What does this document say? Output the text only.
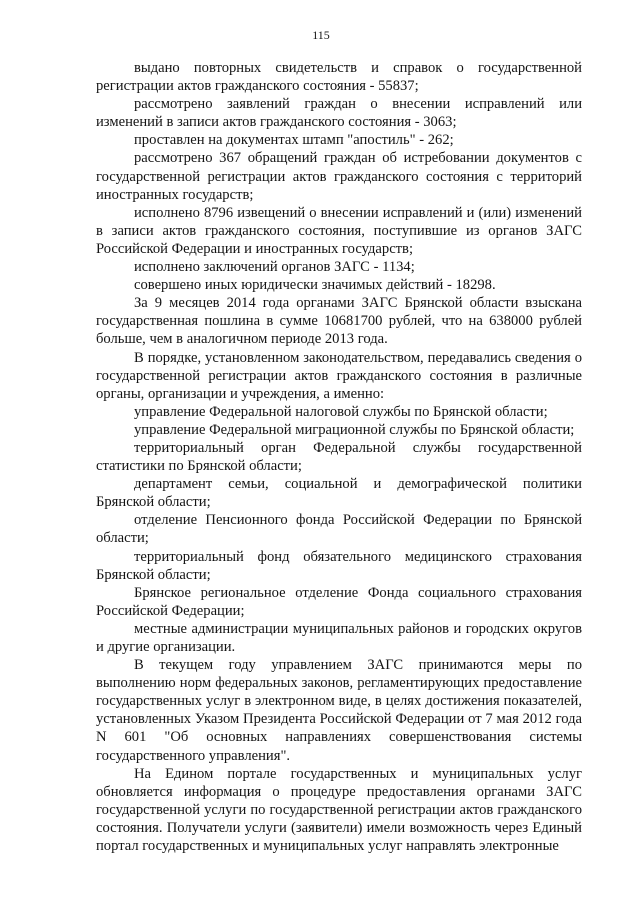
115

выдано повторных свидетельств и справок о государственной регистрации актов гражданского состояния - 55837;

рассмотрено заявлений граждан о внесении исправлений или изменений в записи актов гражданского состояния - 3063;

проставлен на документах штамп "апостиль" - 262;

рассмотрено 367 обращений граждан об истребовании документов с государственной регистрации актов гражданского состояния с территорий иностранных государств;

исполнено 8796 извещений о внесении исправлений и (или) изменений в записи актов гражданского состояния, поступившие из органов ЗАГС Российской Федерации и иностранных государств;

исполнено заключений органов ЗАГС - 1134;

совершено иных юридически значимых действий - 18298.

За 9 месяцев 2014 года органами ЗАГС Брянской области взыскана государственная пошлина в сумме 10681700 рублей, что на 638000 рублей больше, чем в аналогичном периоде 2013 года.

В порядке, установленном законодательством, передавались сведения о государственной регистрации актов гражданского состояния в различные органы, организации и учреждения, а именно:

управление Федеральной налоговой службы по Брянской области;

управление Федеральной миграционной службы по Брянской области;

территориальный орган Федеральной службы государственной статистики по Брянской области;

департамент семьи, социальной и демографической политики Брянской области;

отделение Пенсионного фонда Российской Федерации по Брянской области;

территориальный фонд обязательного медицинского страхования Брянской области;

Брянское региональное отделение Фонда социального страхования Российской Федерации;

местные администрации муниципальных районов и городских округов и другие организации.

В текущем году управлением ЗАГС принимаются меры по выполнению норм федеральных законов, регламентирующих предоставление государственных услуг в электронном виде, в целях достижения показателей, установленных Указом Президента Российской Федерации от 7 мая 2012 года N 601 "Об основных направлениях совершенствования системы государственного управления".

На Едином портале государственных и муниципальных услуг обновляется информация о процедуре предоставления органами ЗАГС государственной услуги по государственной регистрации актов гражданского состояния. Получатели услуги (заявители) имели возможность через Единый портал государственных и муниципальных услуг направлять электронные
